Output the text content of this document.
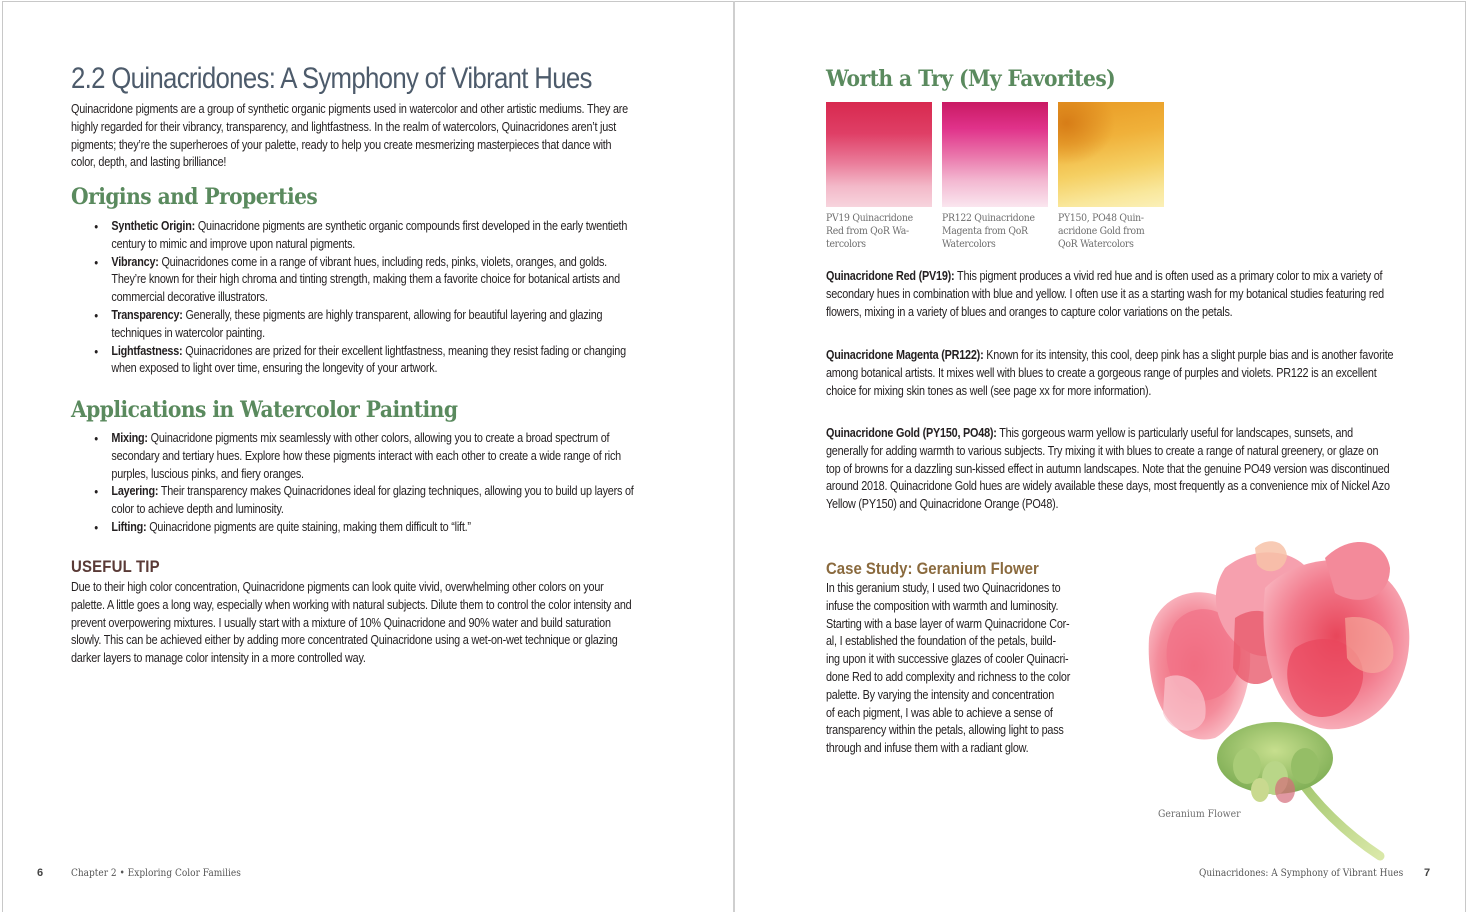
2.2 Quinacridones: A Symphony of Vibrant Hues

Quinacridone pigments are a group of synthetic organic pigments used in watercolor and other artistic mediums. They are highly regarded for their vibrancy, transparency, and lightfastness. In the realm of watercolors, Quinacridones aren’t just pigments; they’re the superheroes of your palette, ready to help you create mesmerizing masterpieces that dance with color, depth, and lasting brilliance!

Origins and Properties
• Synthetic Origin: Quinacridone pigments are synthetic organic compounds first developed in the early twentieth century to mimic and improve upon natural pigments.
• Vibrancy: Quinacridones come in a range of vibrant hues, including reds, pinks, violets, oranges, and golds. They’re known for their high chroma and tinting strength, making them a favorite choice for botanical artists and commercial decorative illustrators.
• Transparency: Generally, these pigments are highly transparent, allowing for beautiful layering and glazing techniques in watercolor painting.
• Lightfastness: Quinacridones are prized for their excellent lightfastness, meaning they resist fading or changing when exposed to light over time, ensuring the longevity of your artwork.
Applications in Watercolor Painting
• Mixing: Quinacridone pigments mix seamlessly with other colors, allowing you to create a broad spectrum of secondary and tertiary hues. Explore how these pigments interact with each other to create a wide range of rich purples, luscious pinks, and fiery oranges.
• Layering: Their transparency makes Quinacridones ideal for glazing techniques, allowing you to build up layers of color to achieve depth and luminosity.
• Lifting: Quinacridone pigments are quite staining, making them difficult to “lift.”
USEFUL TIP

Due to their high color concentration, Quinacridone pigments can look quite vivid, overwhelming other colors on your palette. A little goes a long way, especially when working with natural subjects. Dilute them to control the color intensity and prevent overpowering mixtures. I usually start with a mixture of 10% Quinacridone and 90% water and build saturation slowly. This can be achieved either by adding more concentrated Quinacridone using a wet-on-wet technique or glazing darker layers to manage color intensity in a more controlled way.

6	Chapter 2 • Exploring Color Families
Worth a Try (My Favorites)

PV19 Quinacridone Red from QoR Wa-tercolors

PR122 Quinacridone Magenta from QoR Watercolors

PY150, PO48 Quin-acridone Gold from QoR Watercolors

Quinacridone Red (PV19): This pigment produces a vivid red hue and is often used as a primary color to mix a variety of secondary hues in combination with blue and yellow. I often use it as a starting wash for my botanical studies featuring red flowers, mixing in a variety of blues and oranges to capture color variations on the petals.

Quinacridone Magenta (PR122): Known for its intensity, this cool, deep pink has a slight purple bias and is another favorite among botanical artists. It mixes well with blues to create a gorgeous range of purples and violets. PR122 is an excellent choice for mixing skin tones as well (see page xx for more information).

Quinacridone Gold (PY150, PO48): This gorgeous warm yellow is particularly useful for landscapes, sunsets, and generally for adding warmth to various subjects. Try mixing it with blues to create a range of natural greenery, or glaze on top of browns for a dazzling sun-kissed effect in autumn landscapes. Note that the genuine PO49 version was discontinued around 2018. Quinacridone Gold hues are widely available these days, most frequently as a convenience mix of Nickel Azo Yellow (PY150) and Quinacridone Orange (PO48).

Case Study: Geranium Flower

In this geranium study, I used two Quinacridones to
infuse the composition with warmth and luminosity.
Starting with a base layer of warm Quinacridone Cor-
al, I established the foundation of the petals, build-
ing upon it with successive glazes of cooler Quinacri-
done Red to add complexity and richness to the color
palette. By varying the intensity and concentration
of each pigment, I was able to achieve a sense of
transparency within the petals, allowing light to pass
through and infuse them with a radiant glow.

Geranium Flower
Quinacridones: A Symphony of Vibrant Hues 7
